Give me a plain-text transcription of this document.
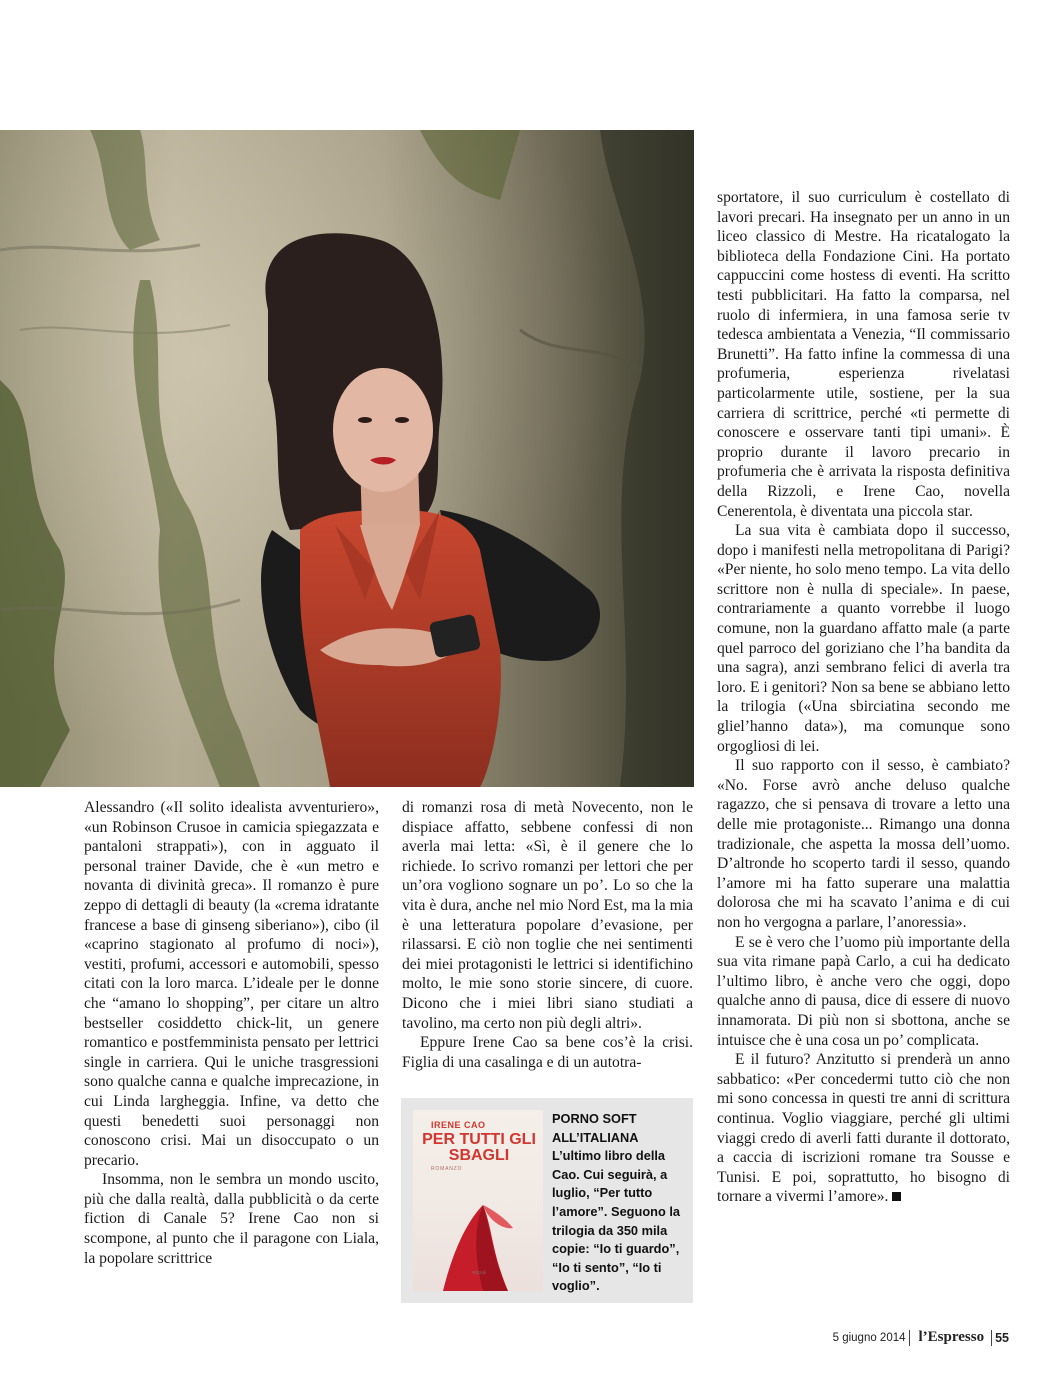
Alessandro («Il solito idealista avventuriero», «un Robinson Crusoe in camicia spiegazzata e pantaloni strappati»), con in agguato il personal trainer Davide, che è «un metro e novanta di divinità greca». Il romanzo è pure zeppo di dettagli di beauty (la «crema idratante francese a base di ginseng siberiano»), cibo (il «caprino stagionato al profumo di noci»), vestiti, profumi, accessori e automobili, spesso citati con la loro marca. L’ideale per le donne che “amano lo shopping”, per citare un altro bestseller cosiddetto chick-lit, un genere romantico e postfemminista pensato per lettrici single in carriera. Qui le uniche trasgressioni sono qualche canna e qualche imprecazione, in cui Linda largheggia. Infine, va detto che questi benedetti suoi personaggi non conoscono crisi. Mai un disoccupato o un precario.

Insomma, non le sembra un mondo uscito, più che dalla realtà, dalla pubblicità o da certe fiction di Canale 5? Irene Cao non si scompone, al punto che il paragone con Liala, la popolare scrittrice

di romanzi rosa di metà Novecento, non le dispiace affatto, sebbene confessi di non averla mai letta: «Sì, è il genere che lo richiede. Io scrivo romanzi per lettori che per un’ora vogliono sognare un po’. Lo so che la vita è dura, anche nel mio Nord Est, ma la mia è una letteratura popolare d’evasione, per rilassarsi. E ciò non toglie che nei sentimenti dei miei protagonisti le lettrici si identifichino molto, le mie sono storie sincere, di cuore. Dicono che i miei libri siano studiati a tavolino, ma certo non più degli altri».

Eppure Irene Cao sa bene cos’è la crisi. Figlia di una casalinga e di un autotra-

IRENE CAO
PER TUTTI GLI SBAGLI
ROMANZO
Rizzoli
PORNO SOFT ALL’ITALIANA
L’ultimo libro della Cao. Cui seguirà, a luglio, “Per tutto l’amore”. Seguono la trilogia da 350 mila copie: “Io ti guardo”, “Io ti sento”, “Io ti voglio”.

sportatore, il suo curriculum è costellato di lavori precari. Ha insegnato per un anno in un liceo classico di Mestre. Ha ricatalogato la biblioteca della Fondazione Cini. Ha portato cappuccini come hostess di eventi. Ha scritto testi pubblicitari. Ha fatto la comparsa, nel ruolo di infermiera, in una famosa serie tv tedesca ambientata a Venezia, “Il commissario Brunetti”. Ha fatto infine la commessa di una profumeria, esperienza rivelatasi particolarmente utile, sostiene, per la sua carriera di scrittrice, perché «ti permette di conoscere e osservare tanti tipi umani». È proprio durante il lavoro precario in profumeria che è arrivata la risposta definitiva della Rizzoli, e Irene Cao, novella Cenerentola, è diventata una piccola star.

La sua vita è cambiata dopo il successo, dopo i manifesti nella metropolitana di Parigi? «Per niente, ho solo meno tempo. La vita dello scrittore non è nulla di speciale». In paese, contrariamente a quanto vorrebbe il luogo comune, non la guardano affatto male (a parte quel parroco del goriziano che l’ha bandita da una sagra), anzi sembrano felici di averla tra loro. E i genitori? Non sa bene se abbiano letto la trilogia («Una sbirciatina secondo me gliel’hanno data»), ma comunque sono orgogliosi di lei.

Il suo rapporto con il sesso, è cambiato? «No. Forse avrò anche deluso qualche ragazzo, che si pensava di trovare a letto una delle mie protagoniste... Rimango una donna tradizionale, che aspetta la mossa dell’uomo. D’altronde ho scoperto tardi il sesso, quando l’amore mi ha fatto superare una malattia dolorosa che mi ha scavato l’anima e di cui non ho vergogna a parlare, l’anoressia».

E se è vero che l’uomo più importante della sua vita rimane papà Carlo, a cui ha dedicato l’ultimo libro, è anche vero che oggi, dopo qualche anno di pausa, dice di essere di nuovo innamorata. Di più non si sbottona, anche se intuisce che è una cosa un po’ complicata.

E il futuro? Anzitutto si prenderà un anno sabbatico: «Per concedermi tutto ciò che non mi sono concessa in questi tre anni di scrittura continua. Voglio viaggiare, perché gli ultimi viaggi credo di averli fatti durante il dottorato, a caccia di iscrizioni romane tra Sousse e Tunisi. E poi, soprattutto, ho bisogno di tornare a vivermi l’amore».

5 giugno 2014 l’Espresso 55
